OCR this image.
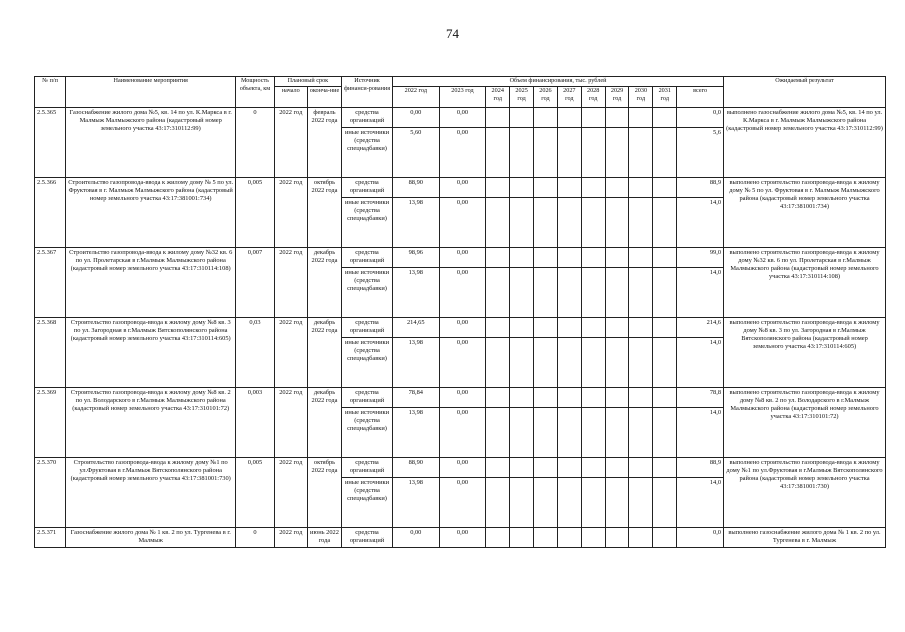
74
№ п/п	Наименование мероприятия	Мощность объекта, км	Плановый срок		Источник финанси-рования	Объем финансирования, тыс. рублей											Ожидаемый результат
			начало	оконча-ние		2022 год	2023 год	2024 год	2025 год	2026 год	2027 год	2028 год	2029 год	2030 год	2031 год	всего	
2.5.365	Газоснабжение жилого дома №5, кв. 14 по ул. К.Маркса в г. Малмыж Малмыжского района (кадастровый номер земельного участка 43:17:310112:99)	0	2022 год	февраль 2022 года	средства организаций	0,00	0,00									0,0	выполнено газоснабжение жилого дома №5, кв. 14 по ул. К.Маркса в г. Малмыж Малмыжского района (кадастровый номер земельного участка 43:17:310112:99)
					иные источники (средства спецнадбавки)	5,60	0,00									5,6	
2.5.366	Строительство газопровода-ввода к жилому дому № 5 по ул. Фруктовая в г. Малмыж Малмыжского района (кадастровый номер земельного участка 43:17:381001:734)	0,005	2022 год	октябрь 2022 года	средства организаций	88,90	0,00									88,9	выполнено строительство газопровода-ввода к жилому дому № 5 по ул. Фруктовая в г. Малмыж Малмыжского района (кадастровый номер земельного участка 43:17:381001:734)
					иные источники (средства спецнадбавки)	13,98	0,00									14,0	
2.5.367	Строительство газопровода-ввода к жилому дому №32 кв. 6 по ул. Пролетарская в г.Малмыж Малмыжского района (кадастровый номер земельного участка 43:17:310114:108)	0,007	2022 год	декабрь 2022 года	средства организаций	98,96	0,00									99,0	выполнено строительство газопровода-ввода к жилому дому №32 кв. 6 по ул. Пролетарская в г.Малмыж Малмыжского района (кадастровый номер земельного участка 43:17:310114:108)
					иные источники (средства спецнадбавки)	13,98	0,00									14,0	
2.5.368	Строительство газопровода-ввода к жилому дому №8 кв. 3 по ул. Загородная в г.Малмыж Вятскополянского района (кадастровый номер земельного участка 43:17:310114:605)	0,03	2022 год	декабрь 2022 года	средства организаций	214,65	0,00									214,6	выполнено строительство газопровода-ввода к жилому дому №8 кв. 3 по ул. Загородная в г.Малмыж Вятскополянского района (кадастровый номер земельного участка 43:17:310114:605)
					иные источники (средства спецнадбавки)	13,98	0,00									14,0	
2.5.369	Строительство газопровода-ввода к жилому дому №8 кв. 2 по ул. Володарского в г.Малмыж Малмыжского района (кадастровый номер земельного участка 43:17:310101:72)	0,003	2022 год	декабрь 2022 года	средства организаций	78,84	0,00									78,8	выполнено строительство газопровода-ввода к жилому дому №8 кв. 2 по ул. Володарского в г.Малмыж Малмыжского района (кадастровый номер земельного участка 43:17:310101:72)
					иные источники (средства спецнадбавки)	13,98	0,00									14,0	
2.5.370	Строительство газопровода-ввода к жилому дому №1 по ул.Фруктовая в г.Малмыж Вятскополянского района (кадастровый номер земельного участка 43:17:381001:730)	0,005	2022 год	октябрь 2022 года	средства организаций	88,90	0,00									88,9	выполнено строительство газопровода-ввода к жилому дому №1 по ул.Фруктовая в г.Малмыж Вятскополянского района (кадастровый номер земельного участка 43:17:381001:730)
					иные источники (средства спецнадбавки)	13,98	0,00									14,0	
2.5.371	Газоснабжение жилого дома № 1 кв. 2 по ул. Тургенева в г. Малмыж	0	2022 год	июнь 2022 года	средства организаций	0,00	0,00									0,0	выполнено газоснабжение жилого дома № 1 кв. 2 по ул. Тургенева в г. Малмыж
